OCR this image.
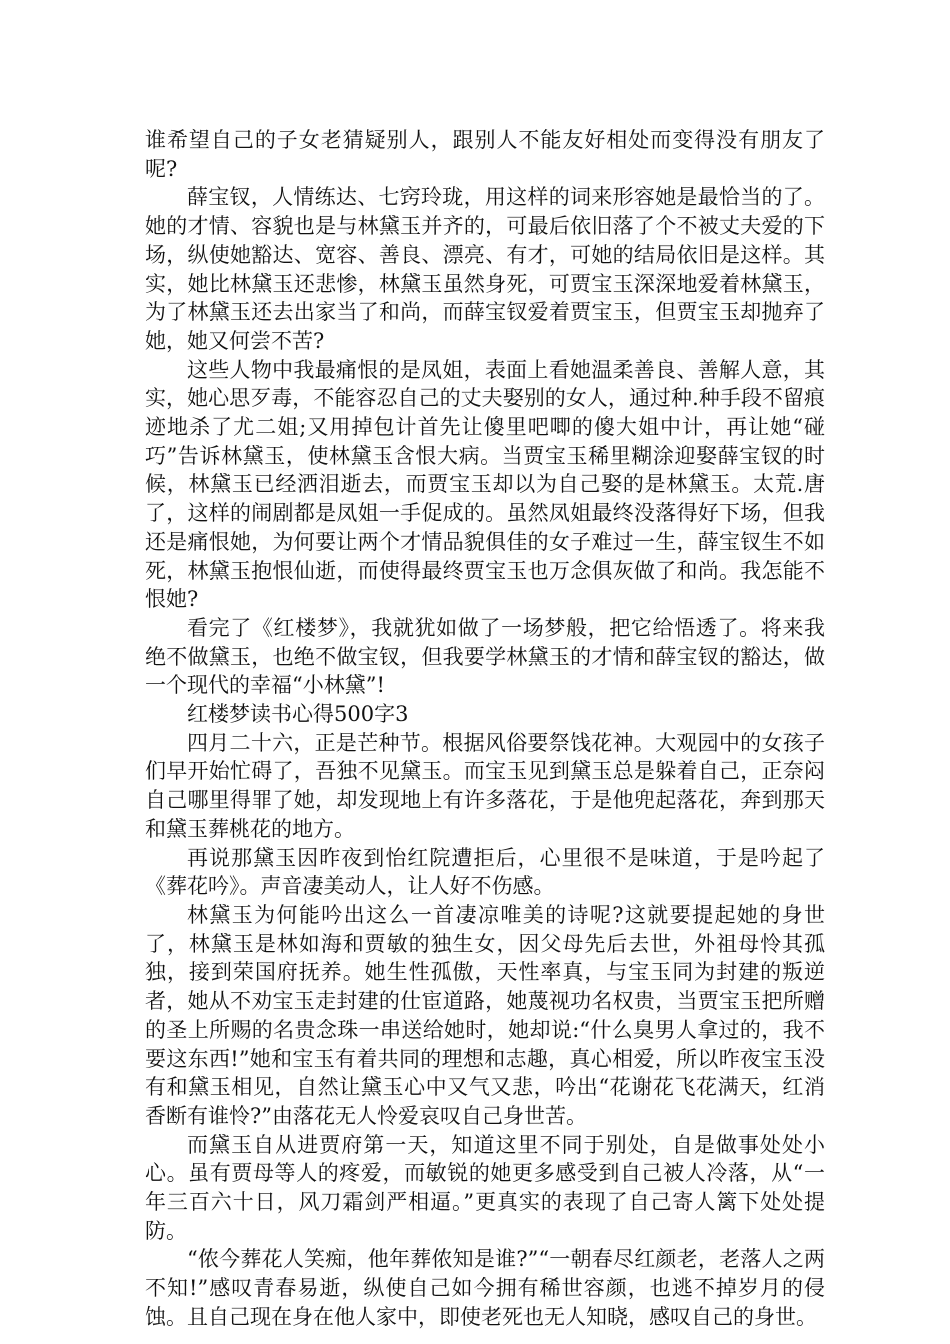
谁希望自己的子女老猜疑别人，跟别人不能友好相处而变得没有朋友了呢?

薛宝钗，人情练达、七窍玲珑，用这样的词来形容她是最恰当的了。她的才情、容貌也是与林黛玉并齐的，可最后依旧落了个不被丈夫爱的下场，纵使她豁达、宽容、善良、漂亮、有才，可她的结局依旧是这样。其实，她比林黛玉还悲惨，林黛玉虽然身死，可贾宝玉深深地爱着林黛玉，为了林黛玉还去出家当了和尚，而薛宝钗爱着贾宝玉，但贾宝玉却抛弃了她，她又何尝不苦?

这些人物中我最痛恨的是凤姐，表面上看她温柔善良、善解人意，其实，她心思歹毒，不能容忍自己的丈夫娶别的女人，通过种.种手段不留痕迹地杀了尤二姐;又用掉包计首先让傻里吧唧的傻大姐中计，再让她“碰巧”告诉林黛玉，使林黛玉含恨大病。当贾宝玉稀里糊涂迎娶薛宝钗的时候，林黛玉已经洒泪逝去，而贾宝玉却以为自己娶的是林黛玉。太荒.唐了，这样的闹剧都是凤姐一手促成的。虽然凤姐最终没落得好下场，但我还是痛恨她，为何要让两个才情品貌俱佳的女子难过一生，薛宝钗生不如死，林黛玉抱恨仙逝，而使得最终贾宝玉也万念俱灰做了和尚。我怎能不恨她?

看完了《红楼梦》，我就犹如做了一场梦般，把它给悟透了。将来我绝不做黛玉，也绝不做宝钗，但我要学林黛玉的才情和薛宝钗的豁达，做一个现代的幸福“小林黛”!

红楼梦读书心得500字3

四月二十六，正是芒种节。根据风俗要祭饯花神。大观园中的女孩子们早开始忙碍了，吾独不见黛玉。而宝玉见到黛玉总是躲着自己，正奈闷自己哪里得罪了她，却发现地上有许多落花，于是他兜起落花，奔到那天和黛玉葬桃花的地方。

再说那黛玉因昨夜到怡红院遭拒后，心里很不是味道，于是吟起了《葬花吟》。声音凄美动人，让人好不伤感。

林黛玉为何能吟出这么一首凄凉唯美的诗呢?这就要提起她的身世了，林黛玉是林如海和贾敏的独生女，因父母先后去世，外祖母怜其孤独，接到荣国府抚养。她生性孤傲，天性率真，与宝玉同为封建的叛逆者，她从不劝宝玉走封建的仕宦道路，她蔑视功名权贵，当贾宝玉把所赠的圣上所赐的名贵念珠一串送给她时，她却说:“什么臭男人拿过的，我不要这东西!”她和宝玉有着共同的理想和志趣，真心相爱，所以昨夜宝玉没有和黛玉相见，自然让黛玉心中又气又悲，吟出“花谢花飞花满天，红消香断有谁怜?”由落花无人怜爱哀叹自己身世苦。

而黛玉自从进贾府第一天，知道这里不同于别处，自是做事处处小心。虽有贾母等人的疼爱，而敏锐的她更多感受到自己被人冷落，从“一年三百六十日，风刀霜剑严相逼。”更真实的表现了自己寄人篱下处处提防。

“侬今葬花人笑痴，他年葬侬知是谁?”“一朝春尽红颜老，老落人之两不知!”感叹青春易逝，纵使自己如今拥有稀世容颜，也逃不掉岁月的侵蚀。且自己现在身在他人家中，即使老死也无人知晓，感叹自己的身世。
